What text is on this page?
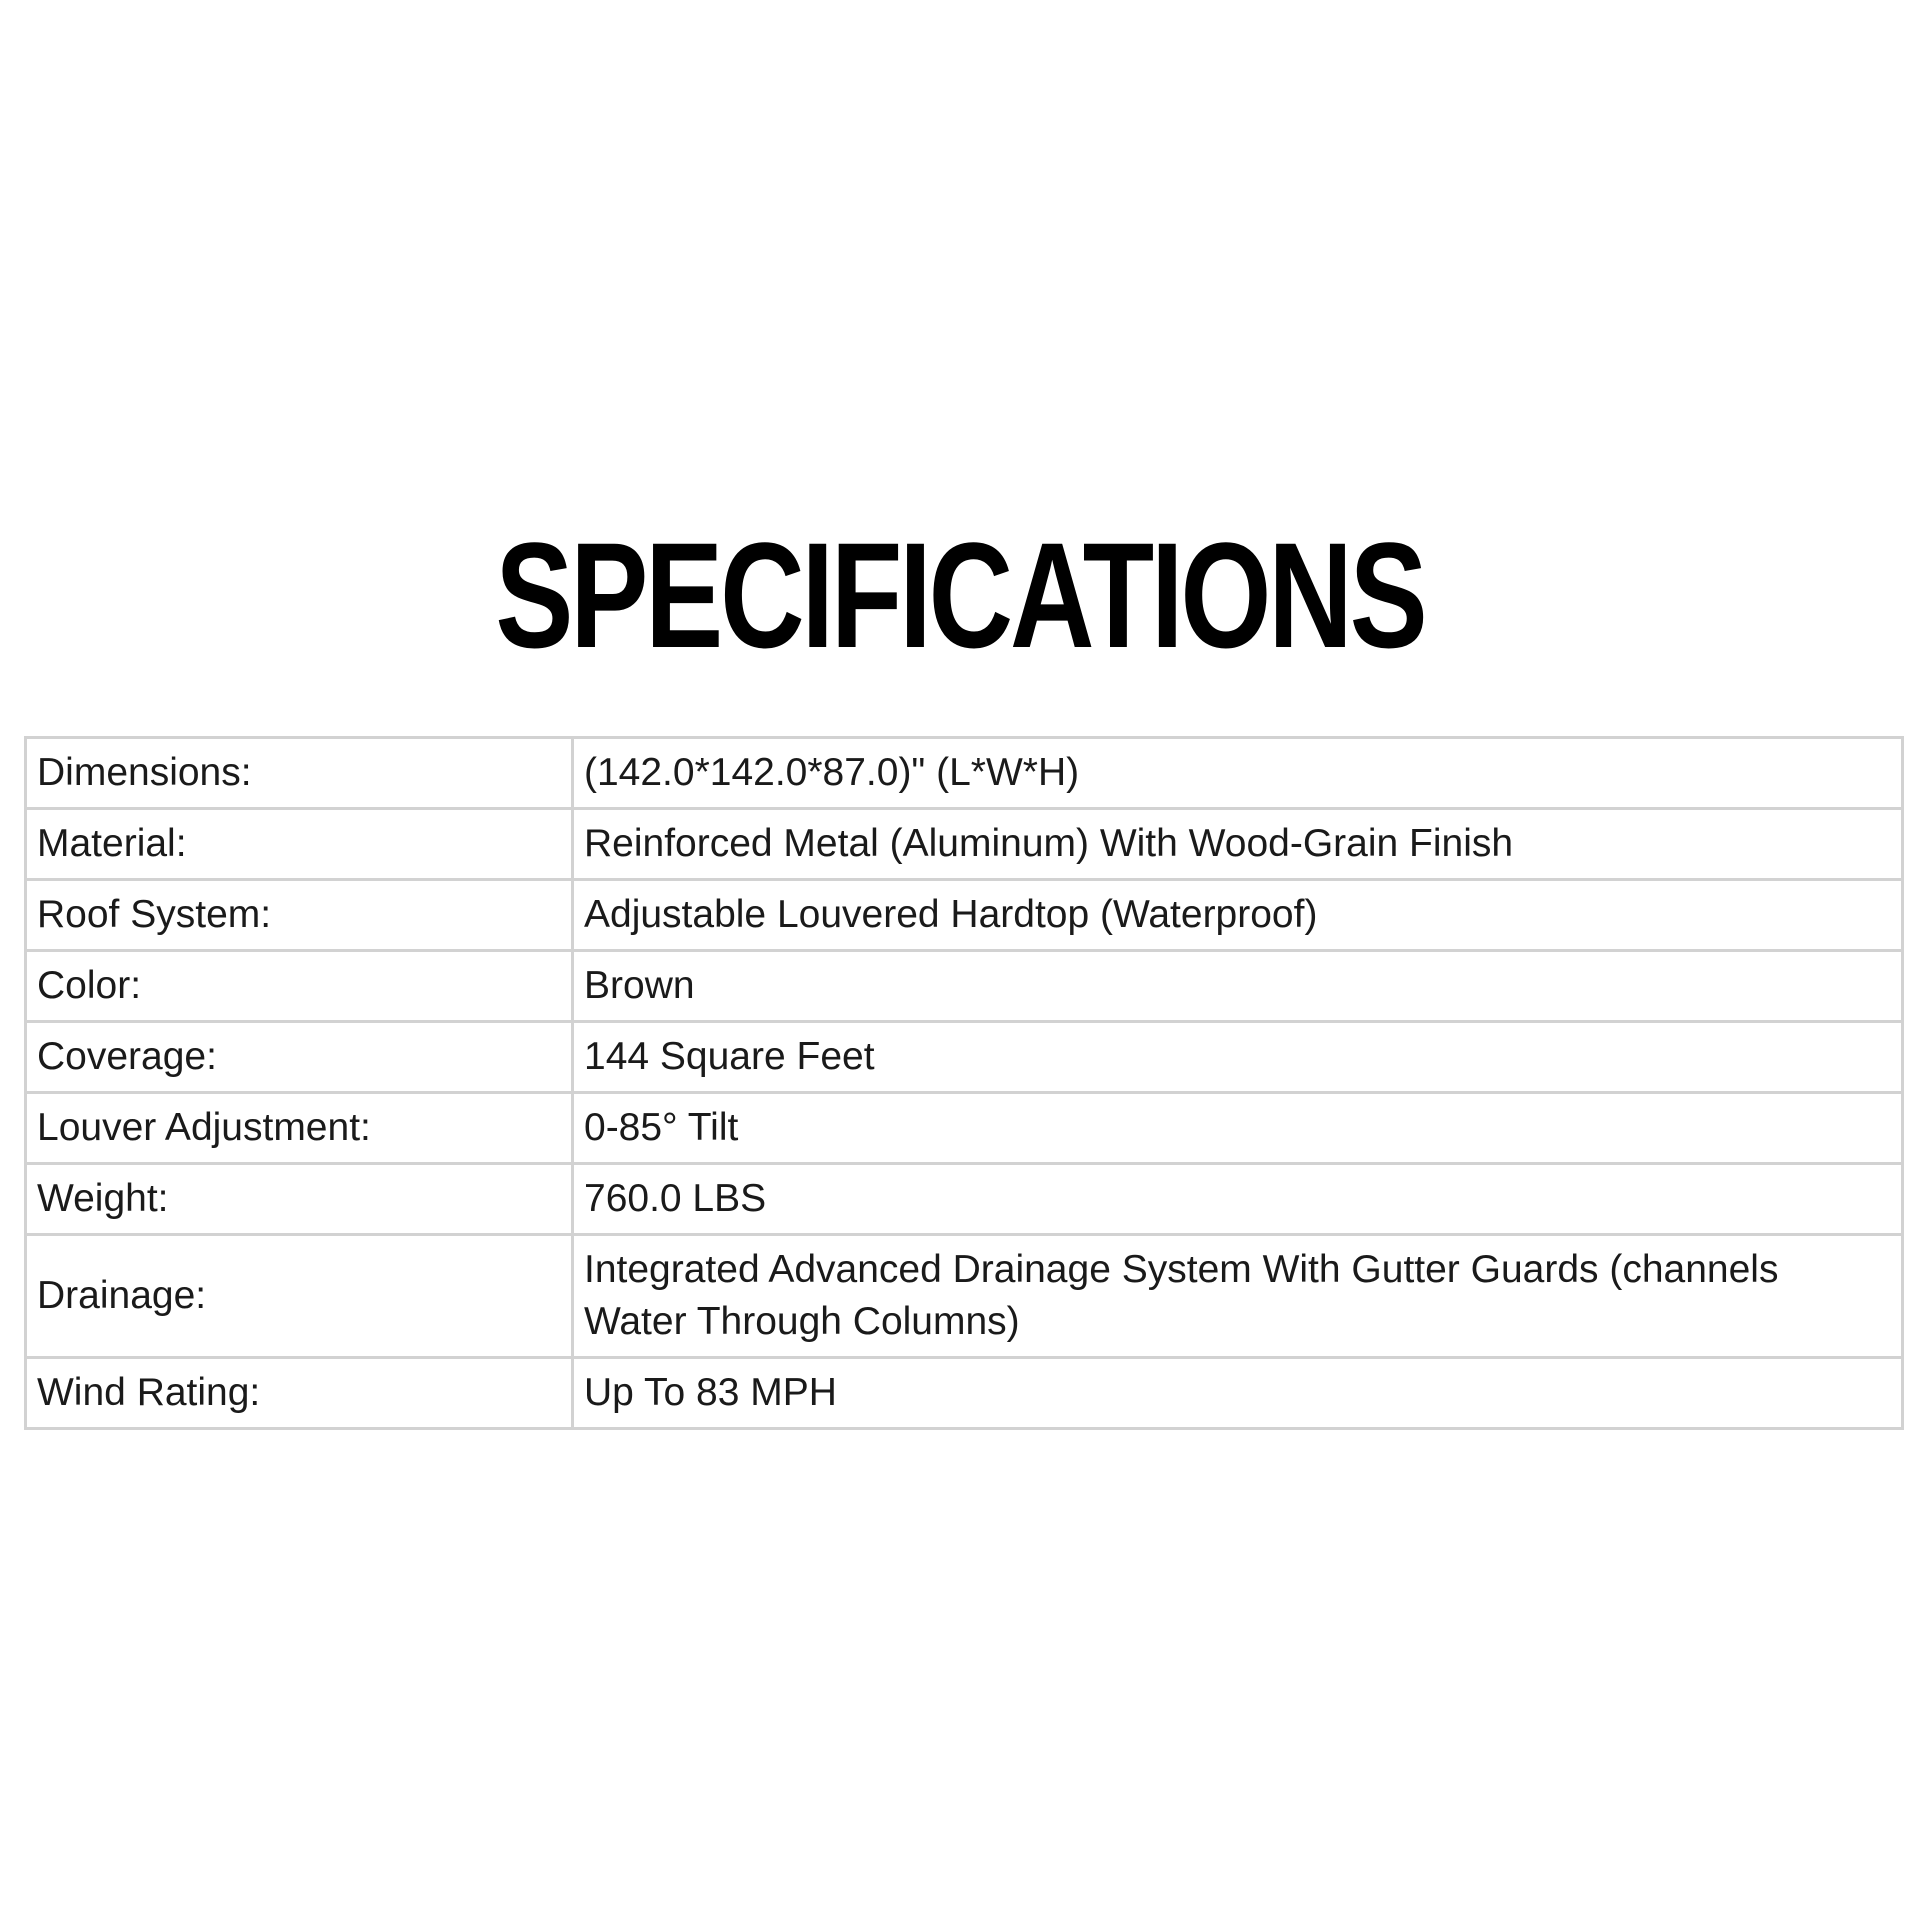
SPECIFICATIONS
Dimensions:	(142.0*142.0*87.0)" (L*W*H)
Material:	Reinforced Metal (Aluminum) With Wood-Grain Finish
Roof System:	Adjustable Louvered Hardtop (Waterproof)
Color:	Brown
Coverage:	144 Square Feet
Louver Adjustment:	0-85° Tilt
Weight:	760.0 LBS
Drainage:	Integrated Advanced Drainage System With Gutter Guards (channels Water Through Columns)
Wind Rating:	Up To 83 MPH
